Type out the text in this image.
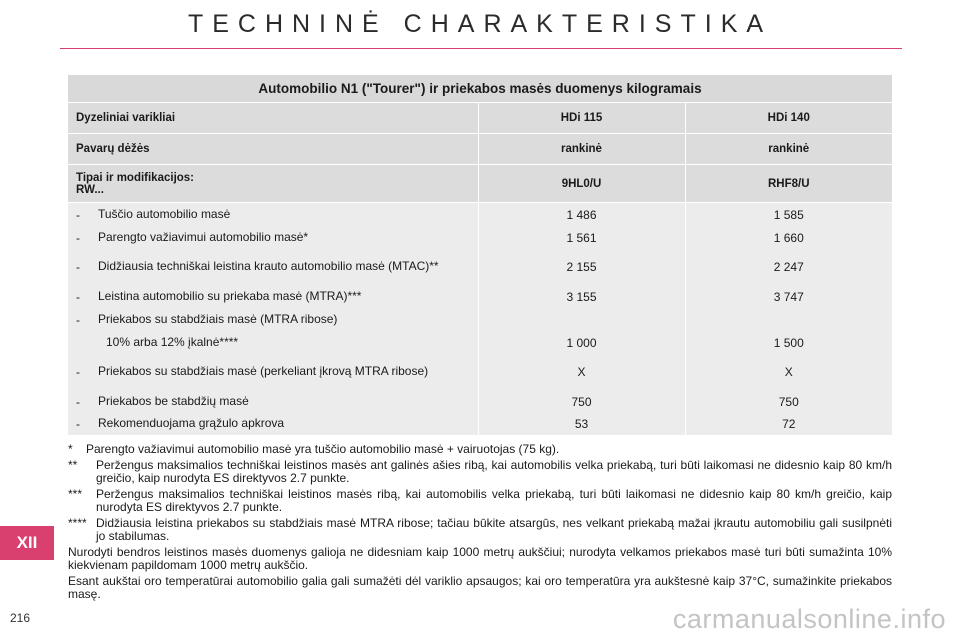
TECHNINĖ CHARAKTERISTIKA
Automobilio N1 ("Tourer") ir priekabos masės duomenys kilogramais		
Dyzeliniai varikliai	HDi 115	HDi 140
Pavarų dėžės	rankinė	rankinė

Tipai ir modifikacijos:
RW...	9HL0/U	RHF8/U
- Tuščio automobilio masė	1 486	1 585
- Parengto važiavimui automobilio masė*	1 561	1 660
- Didžiausia techniškai leistina krauto automobilio masė (MTAC)**	2 155	2 247
- Leistina automobilio su priekaba masė (MTRA)***	3 155	3 747
- Priekabos su stabdžiais masė (MTRA ribose)		
10% arba 12% įkalnė****	1 000	1 500
- Priekabos su stabdžiais masė (perkeliant įkrovą MTRA ribose)	X	X
- Priekabos be stabdžių masė	750	750
- Rekomenduojama grąžulo apkrova	53	72

* Parengto važiavimui automobilio masė yra tuščio automobilio masė + vairuotojas (75 kg).

** Peržengus maksimalios techniškai leistinos masės ant galinės ašies ribą, kai automobilis velka priekabą, turi būti laikomasi ne didesnio kaip 80 km/h greičio, kaip nurodyta ES direktyvos 2.7 punkte.

*** Peržengus maksimalios techniškai leistinos masės ribą, kai automobilis velka priekabą, turi būti laikomasi ne didesnio kaip 80 km/h greičio, kaip nurodyta ES direktyvos 2.7 punkte.

**** Didžiausia leistina priekabos su stabdžiais masė MTRA ribose; tačiau būkite atsargūs, nes velkant priekabą mažai įkrautu automobiliu gali susilpnėti jo stabilumas.

Nurodyti bendros leistinos masės duomenys galioja ne didesniam kaip 1000 metrų aukščiui; nurodyta velkamos priekabos masė turi būti sumažinta 10% kiekvienam papildomam 1000 metrų aukščio.

Esant aukštai oro temperatūrai automobilio galia gali sumažėti dėl variklio apsaugos; kai oro temperatūra yra aukštesnė kaip 37°C, sumažinkite priekabos masę.

XII
216	carmanualsonline.info
